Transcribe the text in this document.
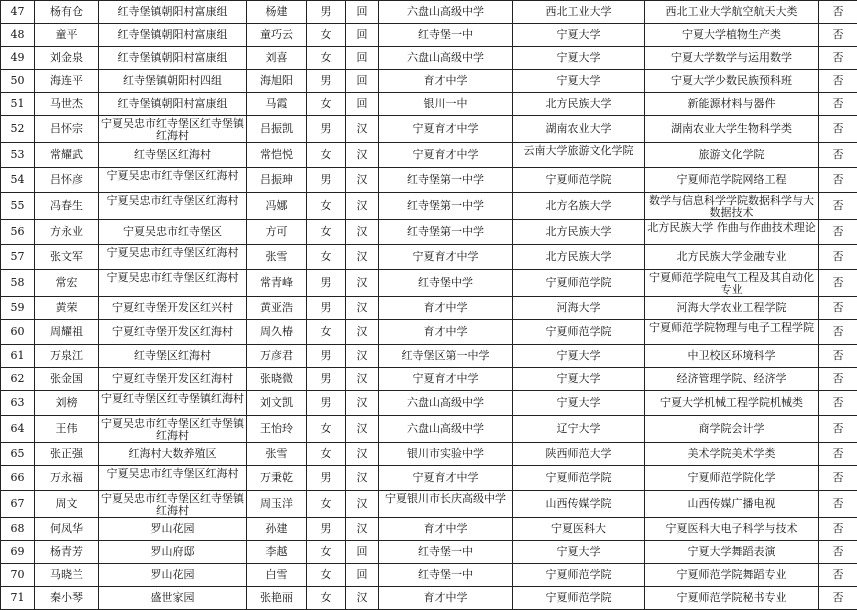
47	杨有仓	红寺堡镇朝阳村富康组	杨建	男	回	六盘山高级中学	西北工业大学	西北工业大学航空航天大类	否
48	童平	红寺堡镇朝阳村富康组	童巧云	女	回	红寺堡一中	宁夏大学	宁夏大学植物生产类	否
49	刘金泉	红寺堡镇朝阳村富康组	刘喜	女	回	六盘山高级中学	宁夏大学	宁夏大学数学与运用数学	否
50	海连平	红寺堡镇朝阳村四组	海旭阳	男	回	育才中学	宁夏大学	宁夏大学少数民族预科班	否
51	马世杰	红寺堡镇朝阳村富康组	马霞	女	回	银川一中	北方民族大学	新能源材料与器件	否
52	吕怀宗	宁夏吴忠市红寺堡区红寺堡镇红海村	吕振凯	男	汉	宁夏育才中学	湖南农业大学	湖南农业大学生物科学类	否
53	常耀武	红寺堡区红海村	常恺悦	女	汉	宁夏育才中学	云南大学旅游文化学院	旅游文化学院	否
54	吕怀彦	宁夏吴忠市红寺堡区红海村	吕振珅	男	汉	红寺堡第一中学	宁夏师范学院	宁夏师范学院网络工程	否
55	冯春生	宁夏吴忠市红寺堡区红海村	冯娜	女	汉	红寺堡第一中学	北方名族大学	数学与信息科学学院数据科学与大数据技术	否
56	方永业	宁夏吴忠市红寺堡区	方可	女	汉	红寺堡第一中学	北方民族大学	北方民族大学 作曲与作曲技术理论	否
57	张文军	宁夏吴忠市红寺堡区红海村	张雪	女	汉	宁夏育才中学	北方民族大学	北方民族大学金融专业	否
58	常宏	宁夏吴忠市红寺堡区红海村	常青峰	男	汉	红寺堡中学	宁夏师范学院	宁夏师范学院电气工程及其自动化专业	否
59	黄荣	宁夏红寺堡开发区红兴村	黄亚浩	男	汉	育才中学	河海大学	河海大学农业工程学院	否
60	周耀祖	宁夏红寺堡开发区红海村	周久椿	女	汉	育才中学	宁夏师范学院	宁夏师范学院物理与电子工程学院	否
61	万泉江	红寺堡区红海村	万彦君	男	汉	红寺堡区第一中学	宁夏大学	中卫校区环境科学	否
62	张金国	宁夏红寺堡开发区红海村	张晓微	男	汉	宁夏育才中学	宁夏大学	经济管理学院、经济学	否
63	刘榜	宁夏红寺堡区红寺堡镇红海村	刘文凯	男	汉	六盘山高级中学	宁夏大学	宁夏大学机械工程学院机械类	否
64	王伟	宁夏吴忠市红寺堡区红寺堡镇红海村	王怡玲	女	汉	六盘山高级中学	辽宁大学	商学院会计学	否
65	张正强	红海村大数养殖区	张雪	女	汉	银川市实验中学	陕西师范大学	美术学院美术学类	否
66	万永福	宁夏吴忠市红寺堡区红海村	万秉乾	男	汉	宁夏育才中学	宁夏师范学院	宁夏师范学院化学	否
67	周文	宁夏吴忠市红寺堡区红寺堡镇红海村	周玉洋	女	汉	宁夏银川市长庆高级中学	山西传媒学院	山西传媒广播电视	否
68	何凤华	罗山花园	孙建	男	汉	育才中学	宁夏医科大	宁夏医科大电子科学与技术	否
69	杨青芳	罗山府邸	李越	女	回	红寺堡一中	宁夏大学	宁夏大学舞蹈表演	否
70	马晓兰	罗山花园	白雪	女	回	红寺堡一中	宁夏师范学院	宁夏师范学院舞蹈专业	否
71	秦小琴	盛世家园	张艳丽	女	汉	育才中学	宁夏师范学院	宁夏师范学院秘书专业	否
